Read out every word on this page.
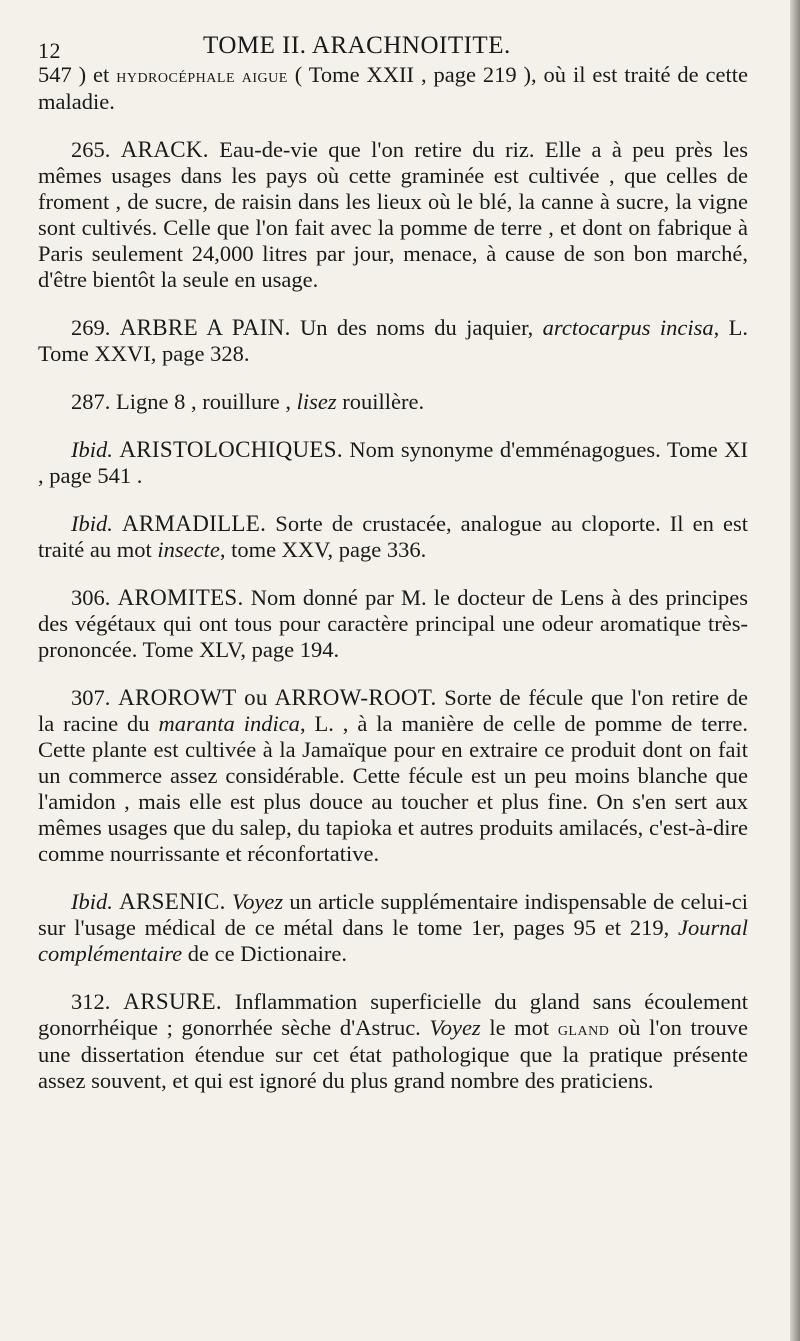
12	TOME II. ARACHNOITITE.

547 ) et hydrocéphale aigue ( Tome XXII , page 219 ), où il est traité de cette maladie.

265. ARACK. Eau-de-vie que l'on retire du riz. Elle a à peu près les mêmes usages dans les pays où cette graminée est cultivée , que celles de froment , de sucre, de raisin dans les lieux où le blé, la canne à sucre, la vigne sont cultivés. Celle que l'on fait avec la pomme de terre , et dont on fabrique à Paris seulement 24,000 litres par jour, menace, à cause de son bon marché, d'être bientôt la seule en usage.

269. ARBRE A PAIN. Un des noms du jaquier, arctocarpus incisa, L. Tome XXVI, page 328.

287. Ligne 8 , rouillure , lisez rouillère.

Ibid. ARISTOLOCHIQUES. Nom synonyme d'emménagogues. Tome XI , page 541 .

Ibid. ARMADILLE. Sorte de crustacée, analogue au cloporte. Il en est traité au mot insecte, tome XXV, page 336.

306. AROMITES. Nom donné par M. le docteur de Lens à des principes des végétaux qui ont tous pour caractère principal une odeur aromatique très-prononcée. Tome XLV, page 194.

307. AROROWT ou ARROW-ROOT. Sorte de fécule que l'on retire de la racine du maranta indica, L. , à la manière de celle de pomme de terre. Cette plante est cultivée à la Jamaïque pour en extraire ce produit dont on fait un commerce assez considérable. Cette fécule est un peu moins blanche que l'amidon , mais elle est plus douce au toucher et plus fine. On s'en sert aux mêmes usages que du salep, du tapioka et autres produits amilacés, c'est-à-dire comme nourrissante et réconfortative.

Ibid. ARSENIC. Voyez un article supplémentaire indispensable de celui-ci sur l'usage médical de ce métal dans le tome 1er, pages 95 et 219, Journal complémentaire de ce Dictionaire.

312. ARSURE. Inflammation superficielle du gland sans écoulement gonorrhéique ; gonorrhée sèche d'Astruc. Voyez le mot gland où l'on trouve une dissertation étendue sur cet état pathologique que la pratique présente assez souvent, et qui est ignoré du plus grand nombre des praticiens.
